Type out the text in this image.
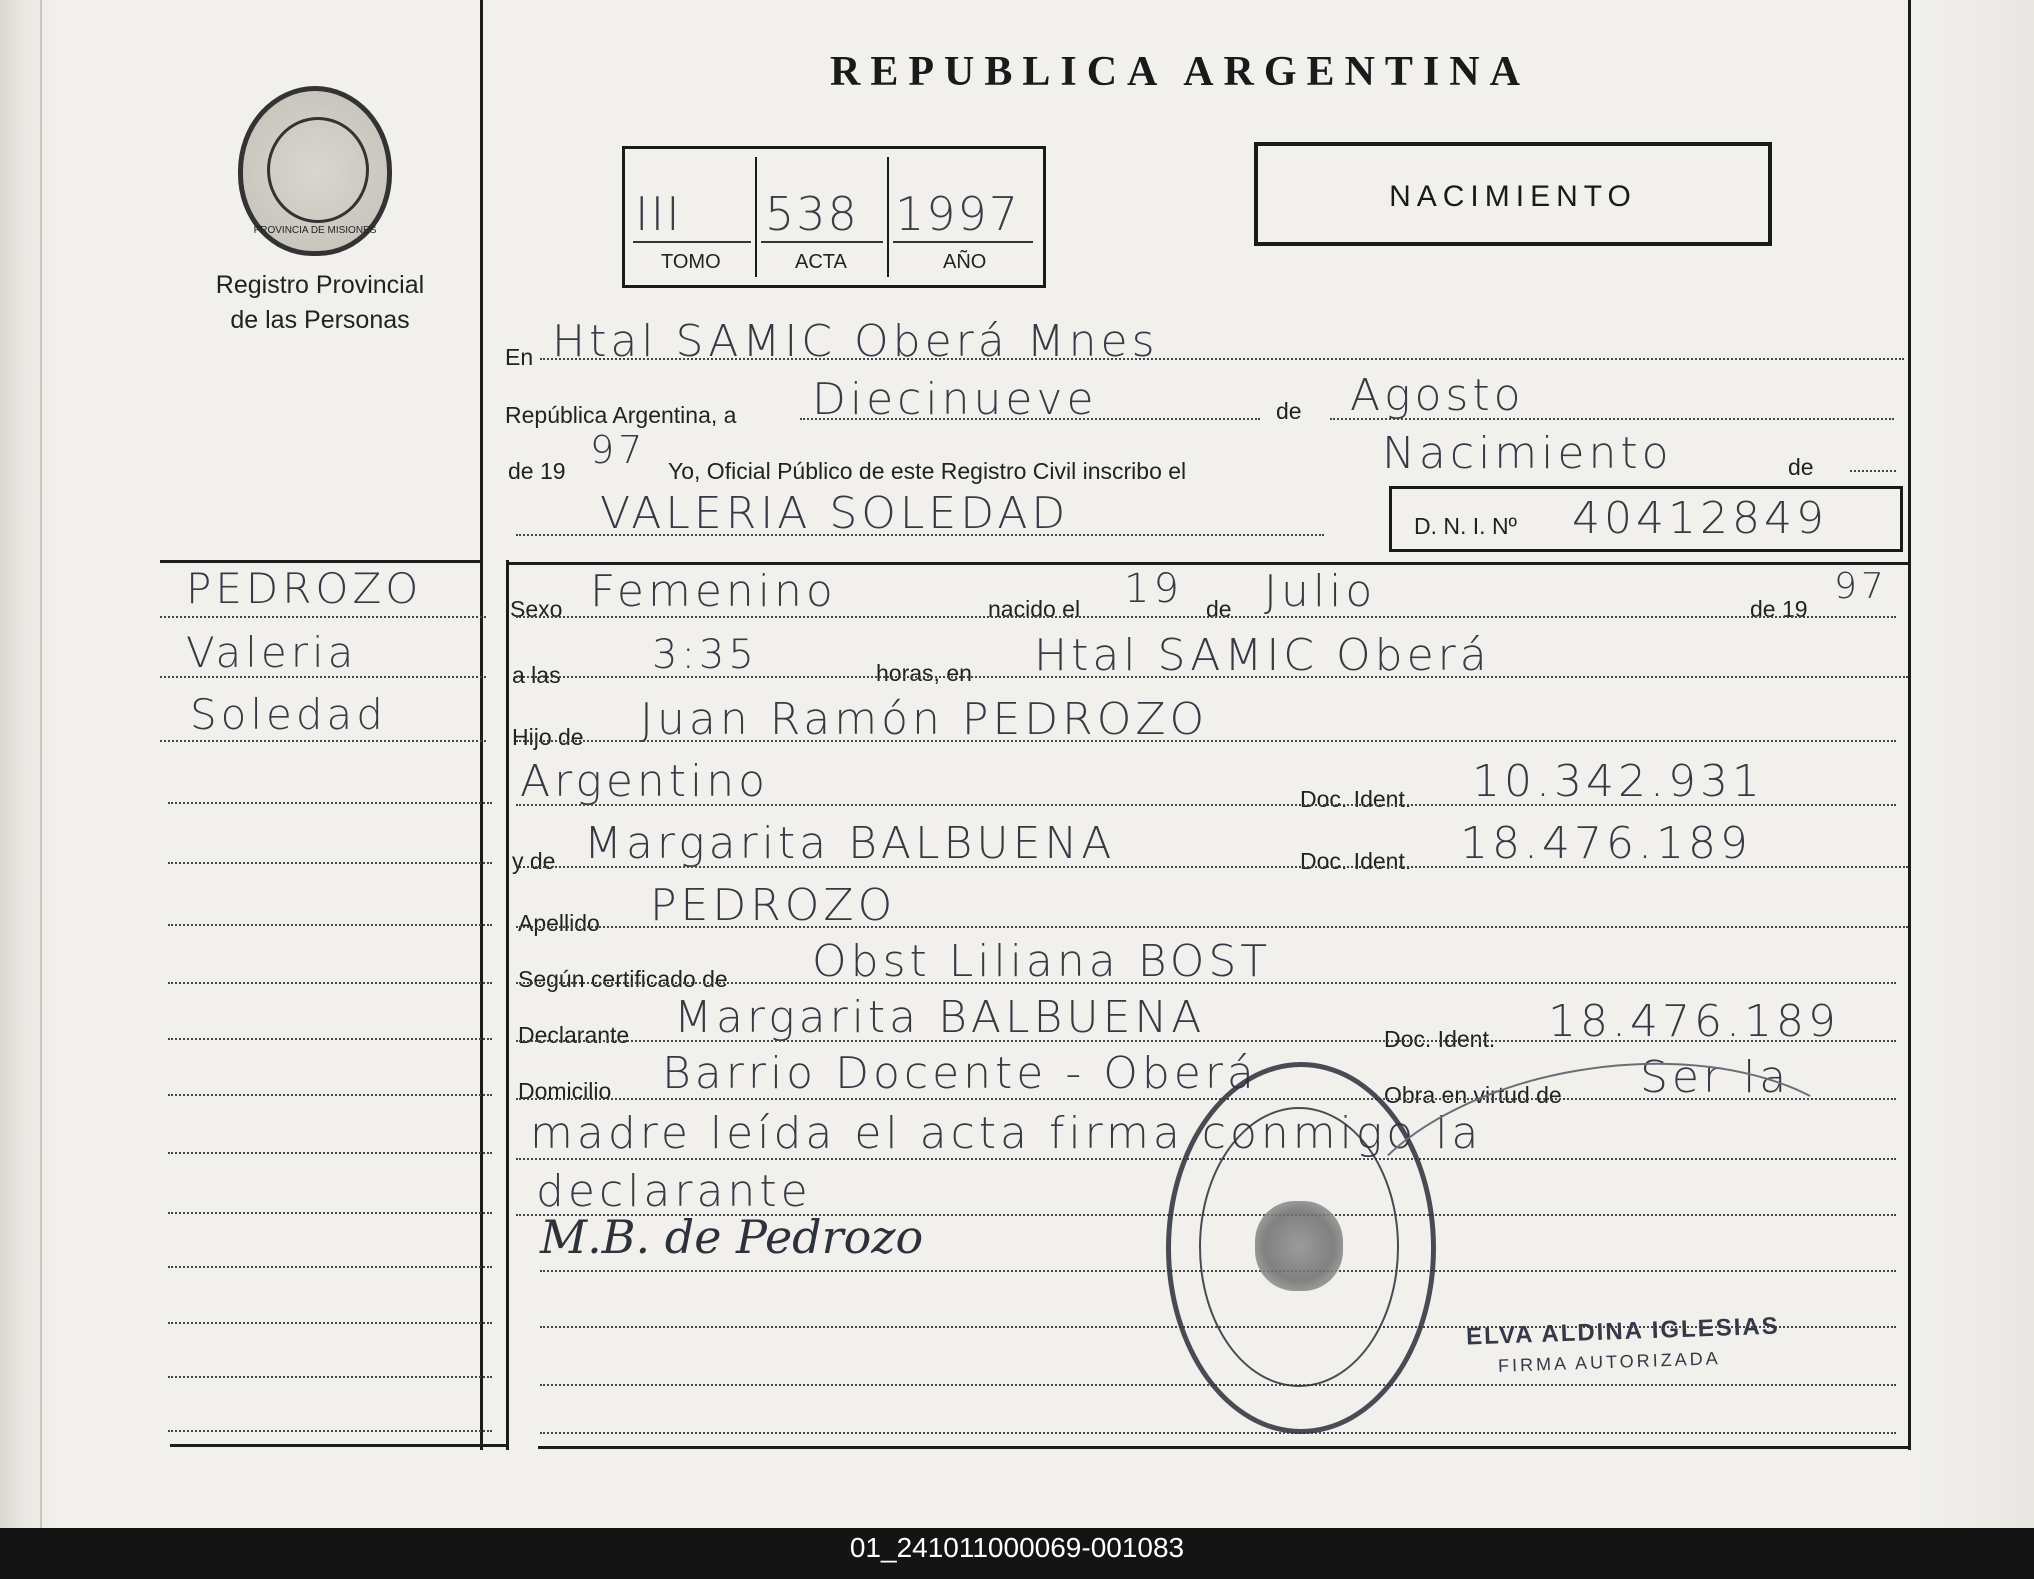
PROVINCIA DE MISIONES
Registro Provincial
de las Personas
REPUBLICA ARGENTINA
III 538 1997
TOMO	ACTA	AÑO
NACIMIENTO
En Htal SAMIC Oberá Mnes
República Argentina, a Diecinueve	de Agosto
de 19 97 Yo, Oficial Público de este Registro Civil inscribo el	Nacimiento	de
VALERIA SOLEDAD	D. N. I. Nº 40412849
Sexo Femenino	nacido el 19 de Julio	de 19
97
a las 3:35	horas, en Htal SAMIC Oberá
Hijo de Juan Ramón PEDROZO
Argentino	Doc. Ident. 10.342.931
y de Margarita BALBUENA	Doc. Ident. 18.476.189
Apellido PEDROZO
Según certificado de Obst Liliana BOST
Declarante Margarita BALBUENA	Doc. Ident. 18.476.189
Domicilio Barrio Docente - Oberá	Obra en virtud de Ser la
madre leída el acta firma conmigo la
declarante
M.B. de Pedrozo
PEDROZO
Valeria
Soledad
ELVA ALDINA IGLESIAS
FIRMA AUTORIZADA
01_241011000069-001083
